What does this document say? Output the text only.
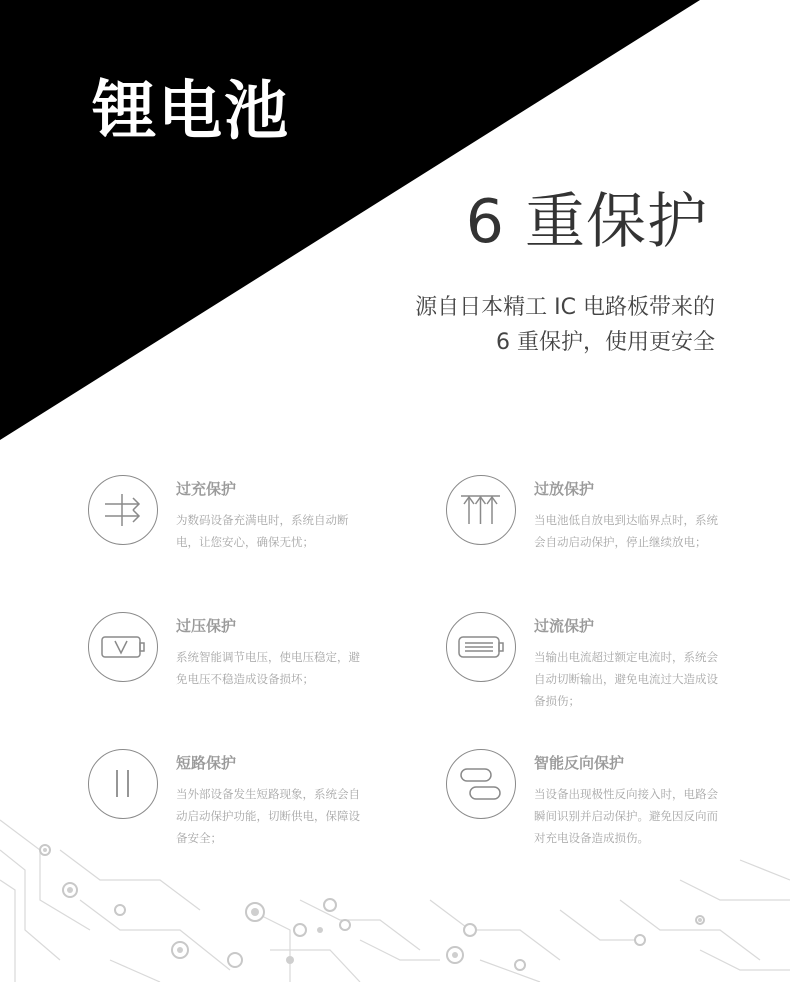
锂电池
6 重保护
源自日本精工 IC 电路板带来的
6 重保护，使用更安全
过充保护
为数码设备充满电时，系统自动断电，让您安心，确保无忧；
过放保护
当电池低自放电到达临界点时，系统会自动启动保护，停止继续放电；
过压保护
系统智能调节电压，使电压稳定，避免电压不稳造成设备损坏；
过流保护
当输出电流超过额定电流时，系统会自动切断输出，避免电流过大造成设备损伤；
短路保护
当外部设备发生短路现象，系统会自动启动保护功能，切断供电，保障设备安全；
智能反向保护
当设备出现极性反向接入时，电路会瞬间识别并启动保护。避免因反向而对充电设备造成损伤。
